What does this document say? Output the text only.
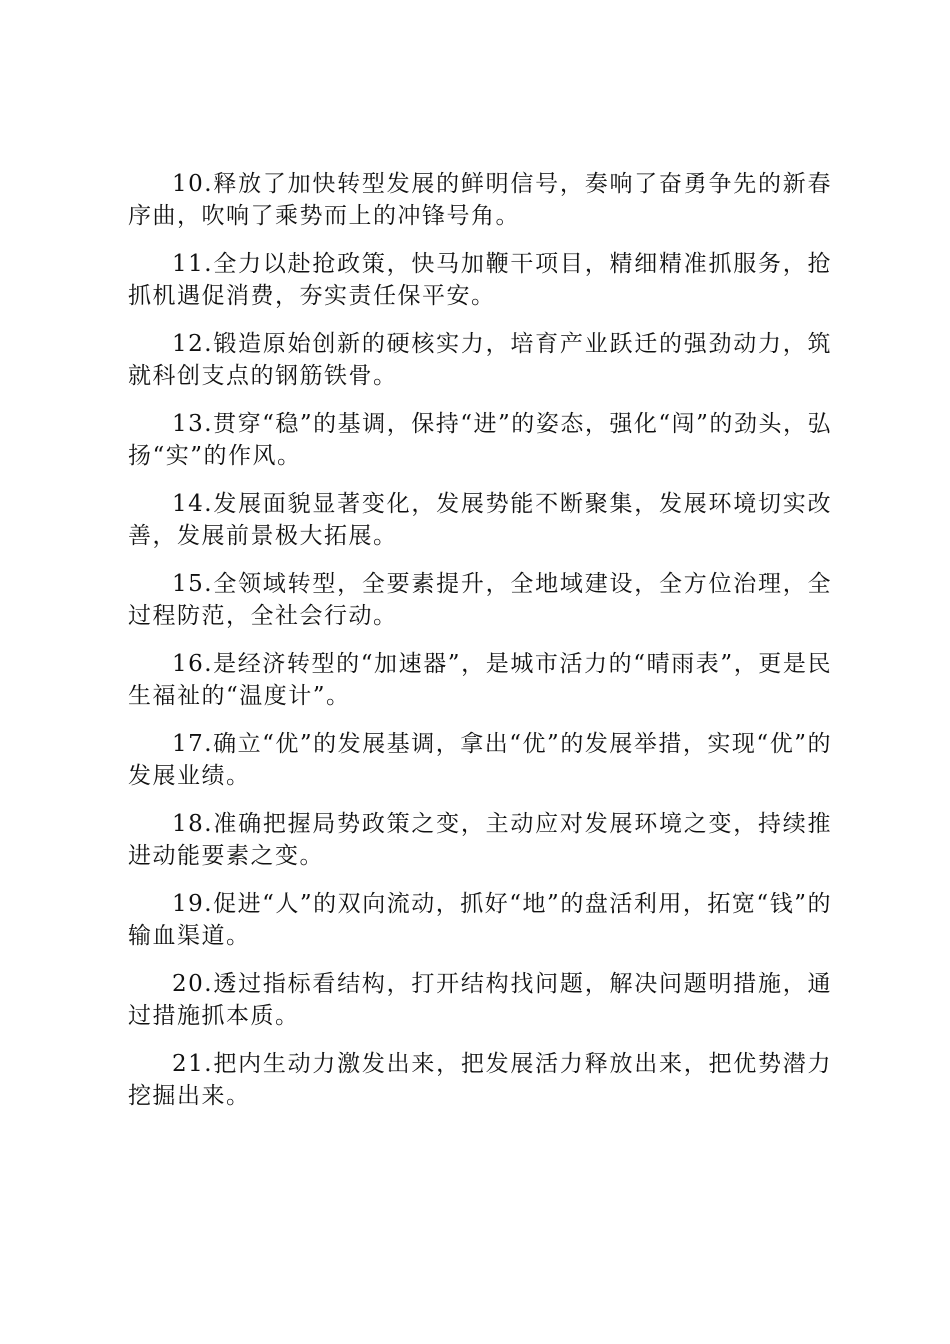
10.释放了加快转型发展的鲜明信号，奏响了奋勇争先的新春序曲，吹响了乘势而上的冲锋号角。

11.全力以赴抢政策，快马加鞭干项目，精细精准抓服务，抢抓机遇促消费，夯实责任保平安。

12.锻造原始创新的硬核实力，培育产业跃迁的强劲动力，筑就科创支点的钢筋铁骨。

13.贯穿“稳”的基调，保持“进”的姿态，强化“闯”的劲头，弘扬“实”的作风。

14.发展面貌显著变化，发展势能不断聚集，发展环境切实改善，发展前景极大拓展。

15.全领域转型，全要素提升，全地域建设，全方位治理，全过程防范，全社会行动。

16.是经济转型的“加速器”，是城市活力的“晴雨表”，更是民生福祉的“温度计”。

17.确立“优”的发展基调，拿出“优”的发展举措，实现“优”的发展业绩。

18.准确把握局势政策之变，主动应对发展环境之变，持续推进动能要素之变。

19.促进“人”的双向流动，抓好“地”的盘活利用，拓宽“钱”的输血渠道。

20.透过指标看结构，打开结构找问题，解决问题明措施，通过措施抓本质。

21.把内生动力激发出来，把发展活力释放出来，把优势潜力挖掘出来。
